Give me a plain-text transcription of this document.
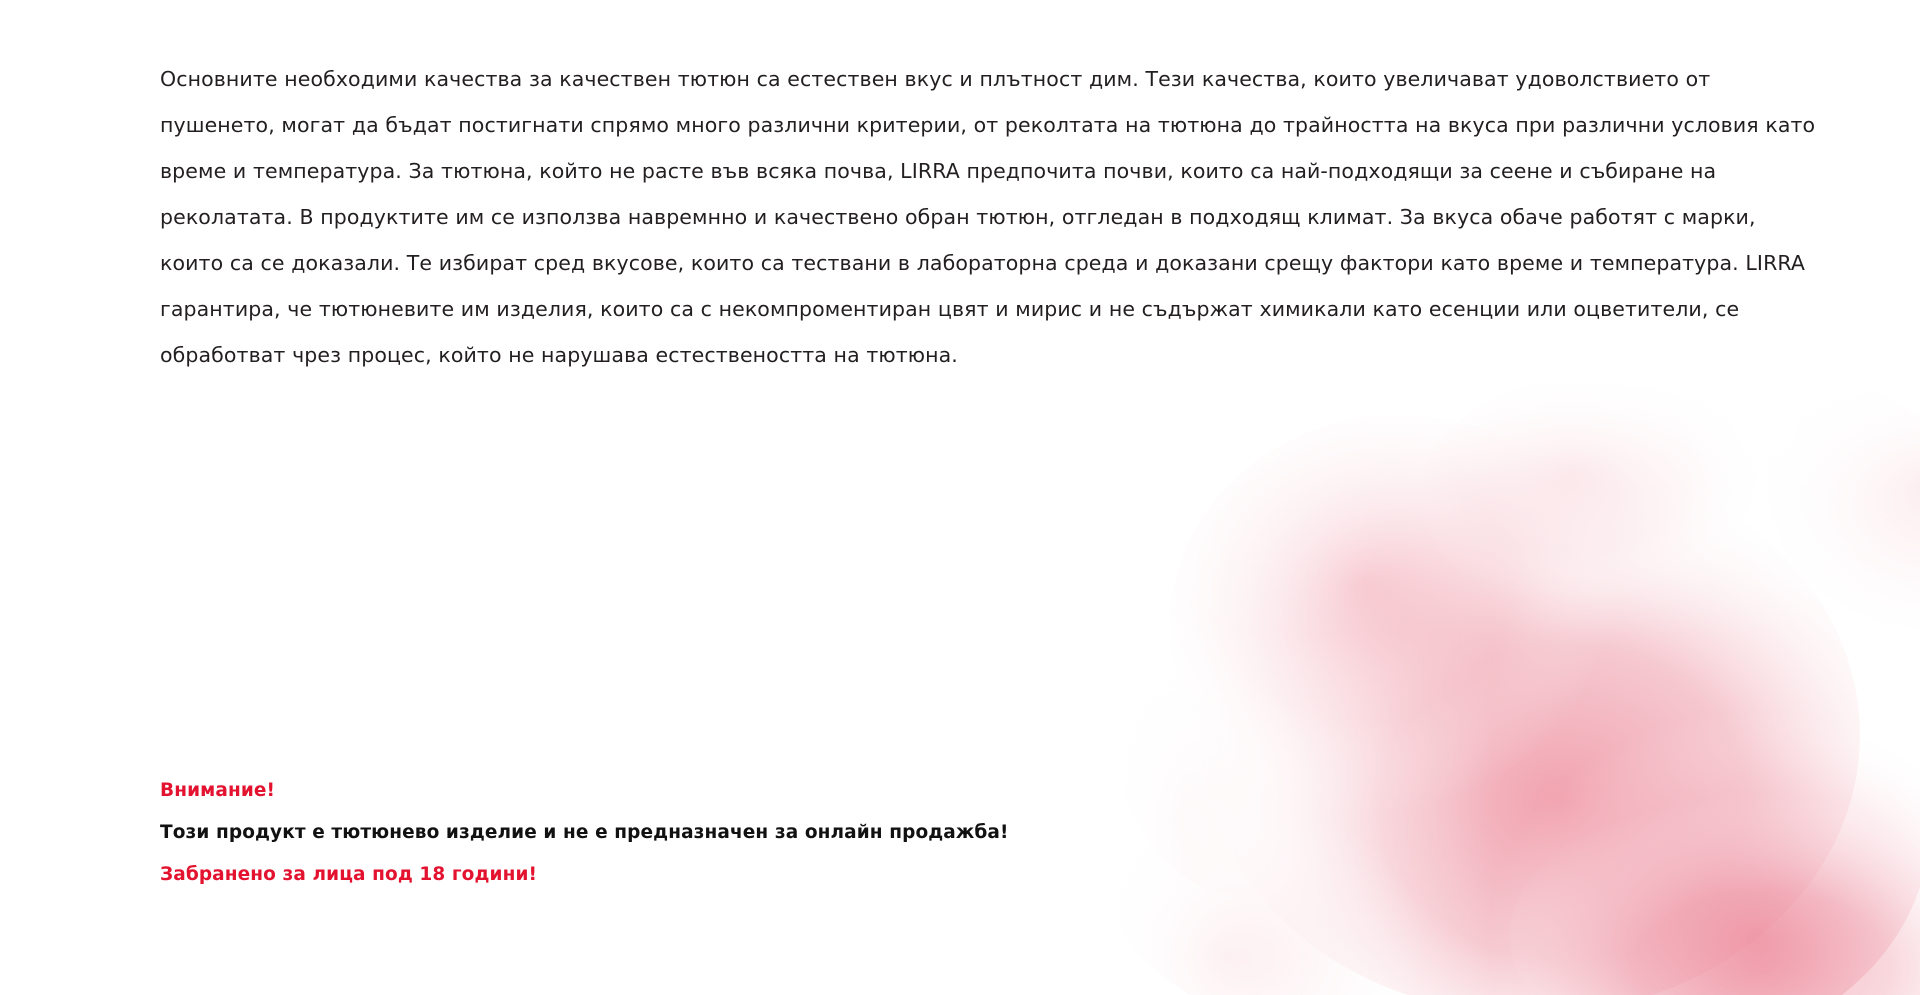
Основните необходими качества за качествен тютюн са естествен вкус и плътност дим. Тези качества, които увеличават удоволствието от пушенето, могат да бъдат постигнати спрямо много различни критерии, от реколтата на тютюна до трайността на вкуса при различни условия като време и температура. За тютюна, който не расте във всяка почва, LIRRA предпочита почви, които са най-подходящи за сеене и събиране на реколатата. В продуктите им се използва навремнно и качествено обран тютюн, отгледан в подходящ климат. За вкуса обаче работят с марки, които са се доказали. Те избират сред вкусове, които са тествани в лабораторна среда и доказани срещу фактори като време и температура. LIRRA гарантира, че тютюневите им изделия, които са с некомпроментиран цвят и мирис и не съдържат химикали като есенции или оцветители, се обработват чрез процес, който не нарушава естествеността на тютюна.

Внимание!
Този продукт е тютюнево изделие и не е предназначен за онлайн продажба!
Забранено за лица под 18 години!
